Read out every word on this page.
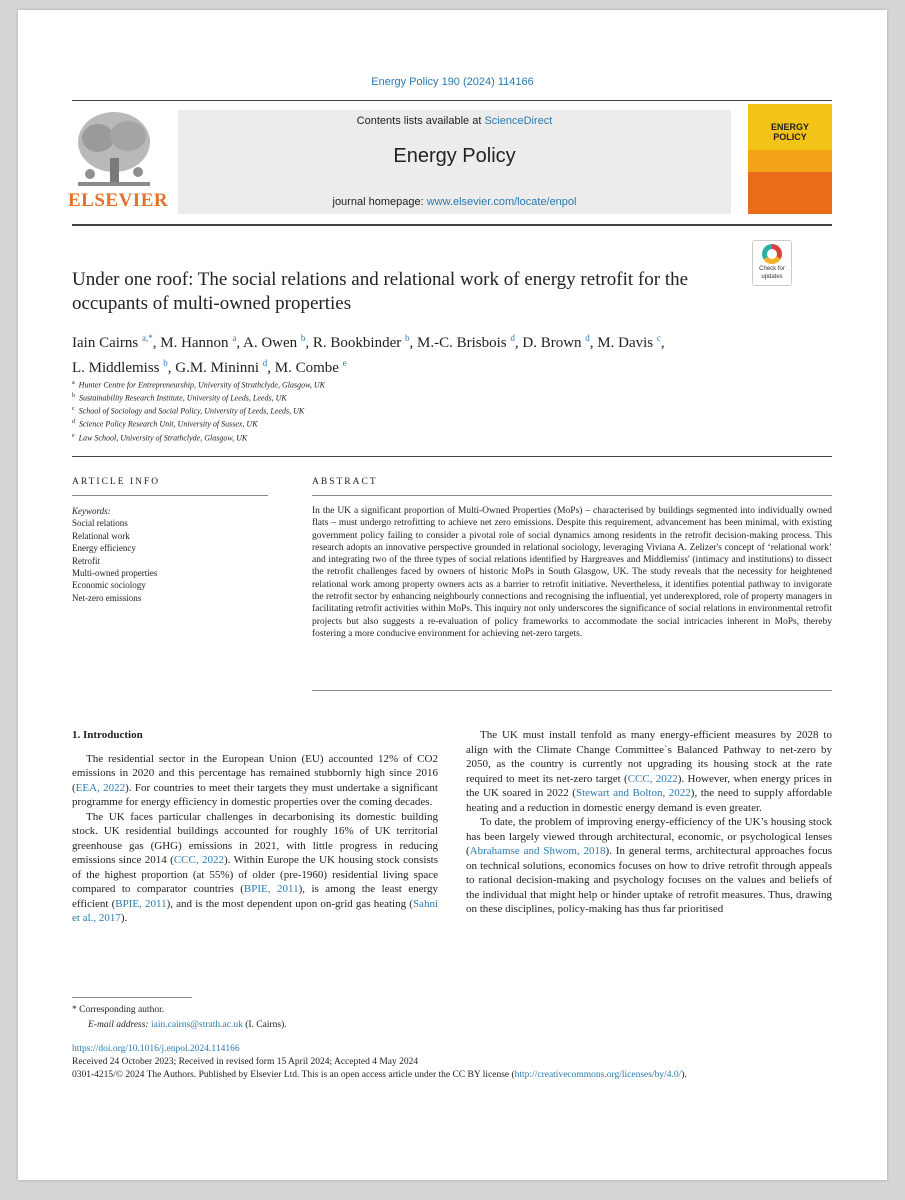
Energy Policy 190 (2024) 114166
ELSEVIER
Contents lists available at ScienceDirect
Energy Policy
journal homepage: www.elsevier.com/locate/enpol
ENERGY
POLICY
Check for
updates
Under one roof: The social relations and relational work of energy retrofit for the occupants of multi-owned properties
Iain Cairns $^{a,*}$, M. Hannon $^a$, A. Owen $^b$, R. Bookbinder $^b$, M.-C. Brisbois $^d$, D. Brown $^d$, M. Davis $^c$,
L. Middlemiss $^b$, G.M. Mininni $^d$, M. Combe $^e$
$^a$ Hunter Centre for Entrepreneurship, University of Strathclyde, Glasgow, UK
$^b$ Sustainability Research Institute, University of Leeds, Leeds, UK
$^c$ School of Sociology and Social Policy, University of Leeds, Leeds, UK
$^d$ Science Policy Research Unit, University of Sussex, UK
$^e$ Law School, University of Strathclyde, Glasgow, UK
ARTICLE INFO	ABSTRACT
Keywords:
Social relations
Relational work
Energy efficiency
Retrofit
Multi-owned properties
Economic sociology
Net-zero emissions
In the UK a significant proportion of Multi-Owned Properties (MoPs) – characterised by buildings segmented into individually owned flats – must undergo retrofitting to achieve net zero emissions. Despite this requirement, advancement has been minimal, with existing government policy failing to consider a pivotal role of social dynamics among residents in the retrofit decision-making process. This research adopts an innovative perspective grounded in relational sociology, leveraging Viviana A. Zelizer's concept of ‘relational work’ and integrating two of the three types of social relations identified by Hargreaves and Middlemiss' (intimacy and institutions) to dissect the retrofit challenges faced by owners of historic MoPs in South Glasgow, UK. The study reveals that the necessity for heightened relational work among property owners acts as a barrier to retrofit initiative. Nevertheless, it identifies potential pathway to invigorate the retrofit sector by enhancing neighbourly connections and recognising the influential, yet underexplored, role of property managers in facilitating retrofit activities within MoPs. This inquiry not only underscores the significance of social relations in environmental retrofit projects but also suggests a re-evaluation of policy frameworks to accommodate the social intricacies inherent in MoPs, thereby fostering a more conducive environment for achieving net-zero targets.
1. Introduction

The residential sector in the European Union (EU) accounted 12% of CO2 emissions in 2020 and this percentage has remained stubbornly high since 2016 (EEA, 2022). For countries to meet their targets they must undertake a significant programme for energy efficiency in domestic properties over the coming decades.

The UK faces particular challenges in decarbonising its domestic building stock. UK residential buildings accounted for roughly 16% of UK territorial greenhouse gas (GHG) emissions in 2021, with little progress in reducing emissions since 2014 (CCC, 2022). Within Europe the UK housing stock consists of the highest proportion (at 55%) of older (pre-1960) residential living space compared to comparator countries (BPIE, 2011), is among the least energy efficient (BPIE, 2011), and is the most dependent upon on-grid gas heating (Sahni et al., 2017).

The UK must install tenfold as many energy-efficient measures by 2028 to align with the Climate Change Committee`s Balanced Pathway to net-zero by 2050, as the country is currently not upgrading its housing stock at the rate required to meet its net-zero target (CCC, 2022). However, when energy prices in the UK soared in 2022 (Stewart and Bolton, 2022), the need to supply affordable heating and a reduction in domestic energy demand is even greater.

To date, the problem of improving energy-efficiency of the UK’s housing stock has been largely viewed through architectural, economic, or psychological lenses (Abrahamse and Shwom, 2018). In general terms, architectural approaches focus on technical solutions, economics focuses on how to drive retrofit through appeals to rational decision-making and psychology focuses on the values and beliefs of the individual that might help or hinder uptake of retrofit measures. Thus, drawing on these disciplines, policy-making has thus far prioritised

* Corresponding author.
E-mail address: iain.cairns@strath.ac.uk (I. Cairns).
https://doi.org/10.1016/j.enpol.2024.114166
Received 24 October 2023; Received in revised form 15 April 2024; Accepted 4 May 2024
0301-4215/© 2024 The Authors. Published by Elsevier Ltd. This is an open access article under the CC BY license (http://creativecommons.org/licenses/by/4.0/).
